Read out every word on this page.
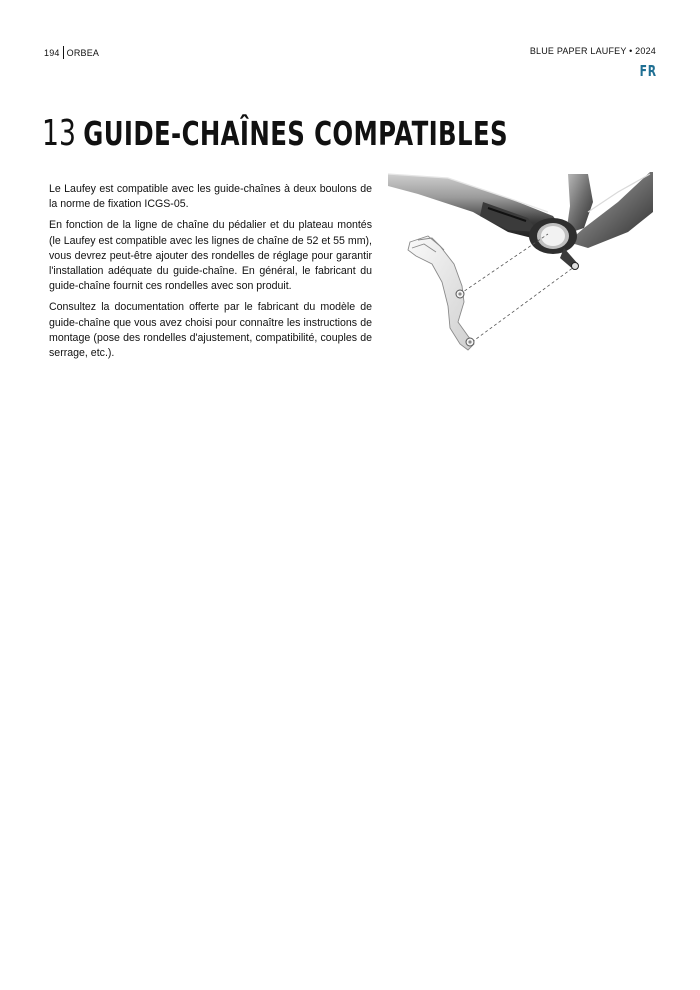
194 ORBEA	BLUE PAPER LAUFEY • 2024
FR
13 GUIDE-CHAÎNES COMPATIBLES

Le Laufey est compatible avec les guide-chaînes à deux boulons de la norme de fixation ICGS-05.

En fonction de la ligne de chaîne du pédalier et du plateau montés (le Laufey est compatible avec les lignes de chaîne de 52 et 55 mm), vous devrez peut-être ajouter des rondelles de réglage pour garantir l'installation adéquate du guide-chaîne. En général, le fabricant du guide-chaîne fournit ces rondelles avec son produit.

Consultez la documentation offerte par le fabricant du modèle de guide-chaîne que vous avez choisi pour connaître les instructions de montage (pose des rondelles d'ajustement, compatibilité, couples de serrage, etc.).
